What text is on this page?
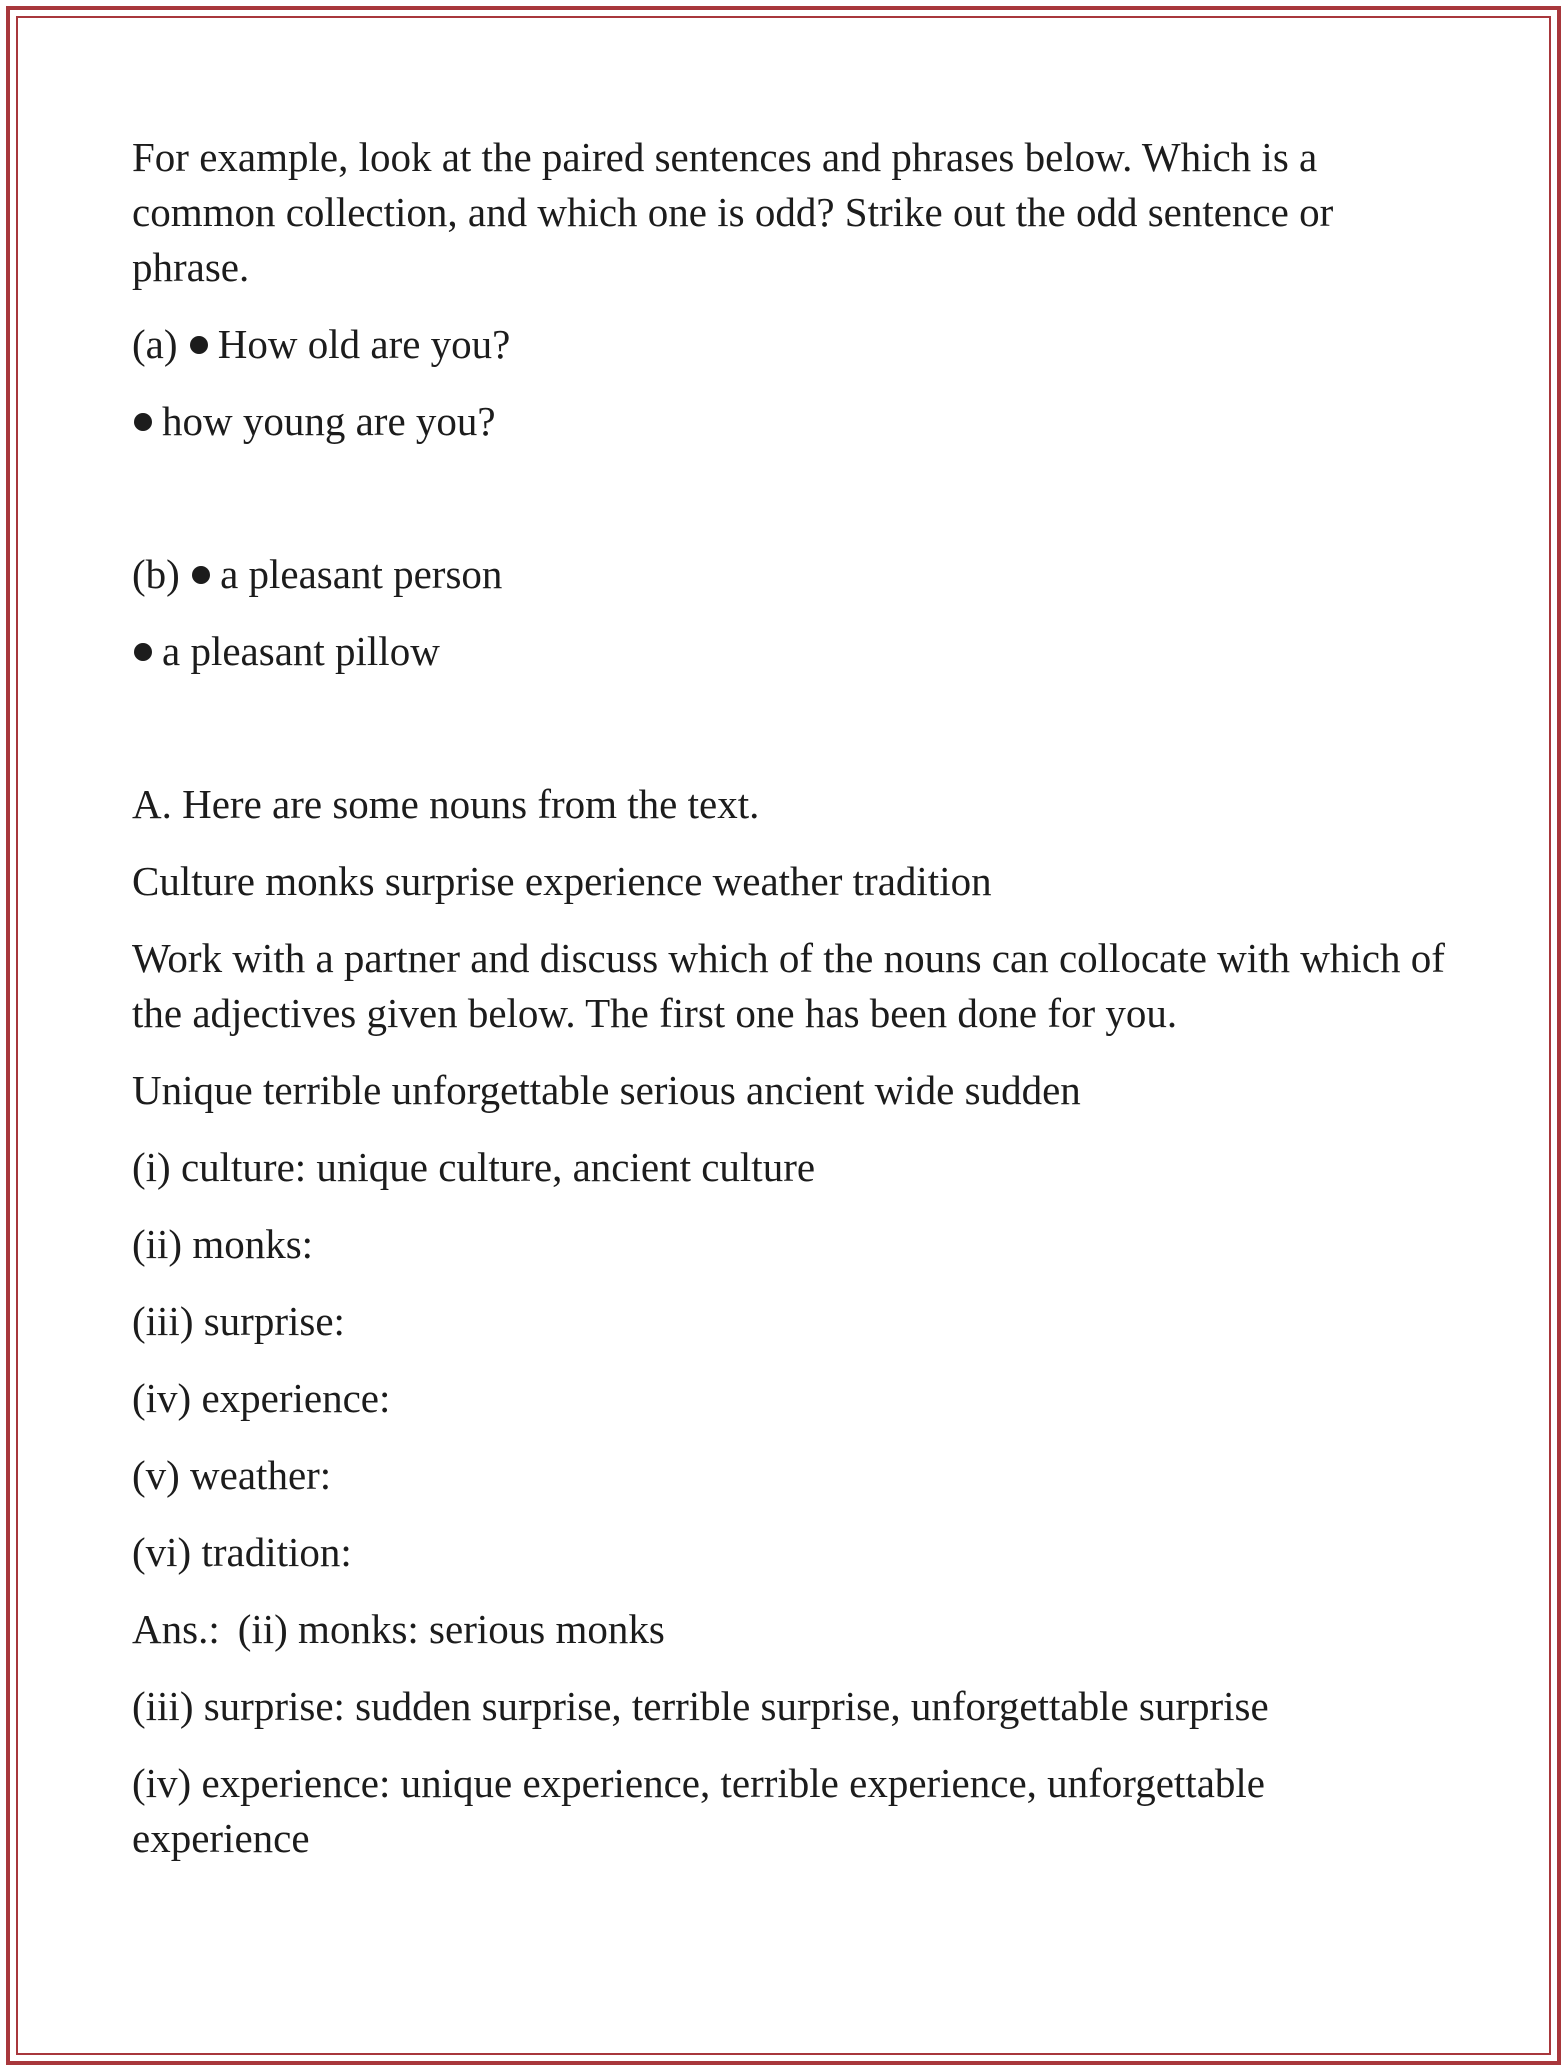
For example, look at the paired sentences and phrases below. Which is a common collection, and which one is odd? Strike out the odd sentence or phrase.

(a) How old are you?

how young are you?

(b) a pleasant person

a pleasant pillow

A. Here are some nouns from the text.

Culture monks surprise experience weather tradition

Work with a partner and discuss which of the nouns can collocate with which of the adjectives given below. The first one has been done for you.

Unique terrible unforgettable serious ancient wide sudden

(i) culture: unique culture, ancient culture

(ii) monks:

(iii) surprise:

(iv) experience:

(v) weather:

(vi) tradition:

Ans.: (ii) monks: serious monks

(iii) surprise: sudden surprise, terrible surprise, unforgettable surprise

(iv) experience: unique experience, terrible experience, unforgettable experience
